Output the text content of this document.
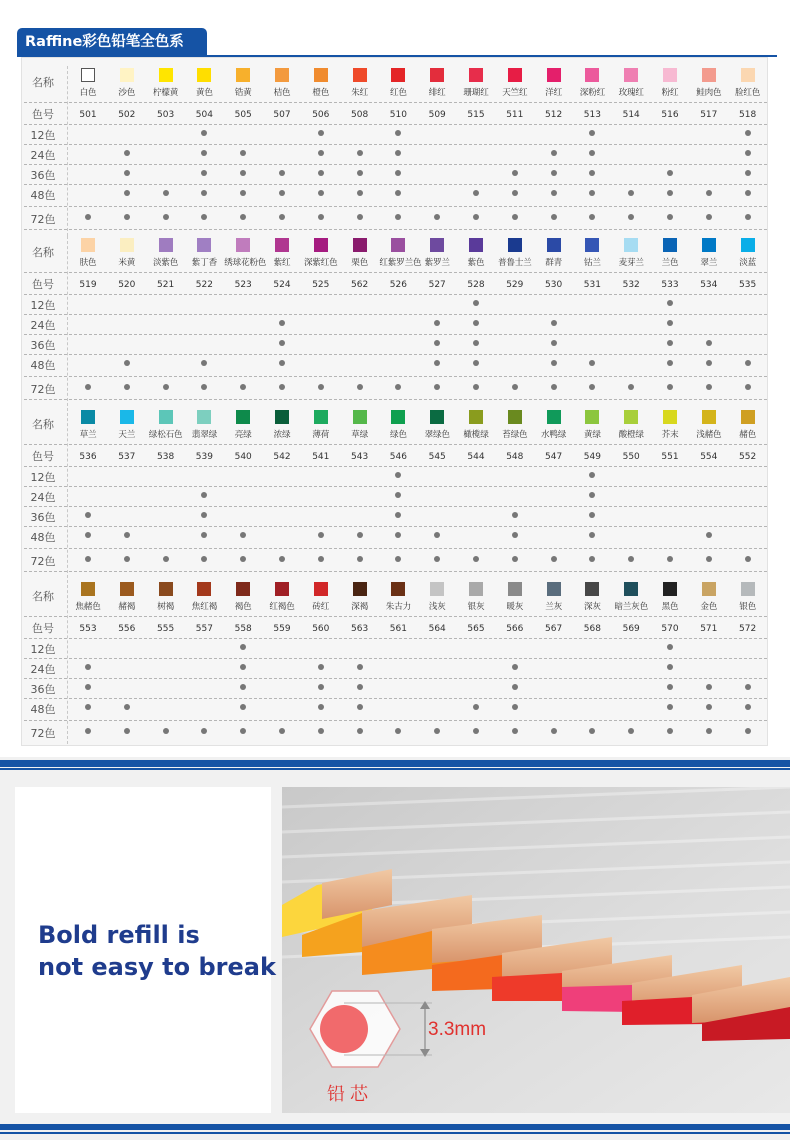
Raffine彩色铅笔全色系
名称
色号
12色
24色
36色
48色
72色
白色
501
沙色
502
柠檬黄
503
黄色
504
锆黄
505
桔色
507
橙色
506
朱红
508
红色
510
绯红
509
珊瑚红
515
天竺红
511
洋红
512
深粉红
513
玫瑰红
514
粉红
516
鲑肉色
517
脸红色
518
名称
色号
12色
24色
36色
48色
72色
肤色
519
米黄
520
淡紫色
521
紫丁香
522
绣球花粉色
523
紫红
524
深紫红色
525
栗色
562
红紫罗兰色
526
紫罗兰
527
紫色
528
普鲁士兰
529
群青
530
钴兰
531
麦芽兰
532
兰色
533
翠兰
534
淡蓝
535
名称
色号
12色
24色
36色
48色
72色
草兰
536
天兰
537
绿松石色
538
翡翠绿
539
亮绿
540
浓绿
542
薄荷
541
草绿
543
绿色
546
翠绿色
545
橄榄绿
544
苔绿色
548
水鸭绿
547
黄绿
549
酸橙绿
550
芥末
551
浅赭色
554
赭色
552
名称
色号
12色
24色
36色
48色
72色
焦赭色
553
赭褐
556
树褐
555
焦红褐
557
褐色
558
红褐色
559
砖红
560
深褐
563
朱古力
561
浅灰
564
银灰
565
暖灰
566
兰灰
567
深灰
568
暗兰灰色
569
黑色
570
金色
571
银色
572
Bold refill is
not easy to break
3.3mm
铅 芯
